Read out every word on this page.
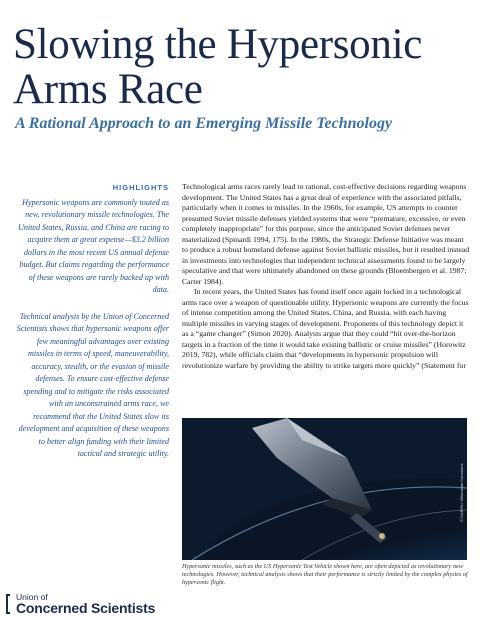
Slowing the Hypersonic Arms Race
A Rational Approach to an Emerging Missile Technology
HIGHLIGHTS

Hypersonic weapons are commonly touted as new, revolutionary missile technologies. The United States, Russia, and China are racing to acquire them at great expense—$3.2 billion dollars in the most recent US annual defense budget. But claims regarding the performance of these weapons are rarely backed up with data.

Technical analysis by the Union of Concerned Scientists shows that hypersonic weapons offer few meaningful advantages over existing missiles in terms of speed, maneuverability, accuracy, stealth, or the evasion of missile defenses. To ensure cost-effective defense spending and to mitigate the risks associated with an unconstrained arms race, we recommend that the United States slow its development and acquisition of these weapons to better align funding with their limited tactical and strategic utility.

Technological arms races rarely lead to rational, cost-effective decisions regarding weapons development. The United States has a great deal of experience with the associated pitfalls, particularly when it comes to missiles. In the 1960s, for example, US attempts to counter presumed Soviet missile defenses yielded systems that were “premature, excessive, or even completely inappropriate” for this purpose, since the anticipated Soviet defenses never materialized (Spinardi 1994, 175). In the 1980s, the Strategic Defense Initiative was meant to produce a robust homeland defense against Soviet ballistic missiles, but it resulted instead in investments into technologies that independent technical assessments found to be largely speculative and that were ultimately abandoned on these grounds (Bloembergen et al. 1987; Carter 1984).

In recent years, the United States has found itself once again locked in a technological arms race over a weapon of questionable utility. Hypersonic weapons are currently the focus of intense competition among the United States, China, and Russia, with each having multiple missiles in varying stages of development. Proponents of this technology depict it as a “game changer” (Simon 2020). Analysts argue that they could “hit over-the-horizon targets in a fraction of the time it would take existing ballistic or cruise missiles” (Horowitz 2019, 782), while officials claim that “developments in hypersonic propulsion will revolutionize warfare by providing the ability to strike targets more quickly” (Statement for

© DARPA / Wikimedia Commons

Hypersonic missiles, such as the US Hypersonic Test Vehicle shown here, are often depicted as revolutionary new technologies. However, technical analysis shows that their performance is strictly limited by the complex physics of hypersonic flight.

Union of
Concerned Scientists
